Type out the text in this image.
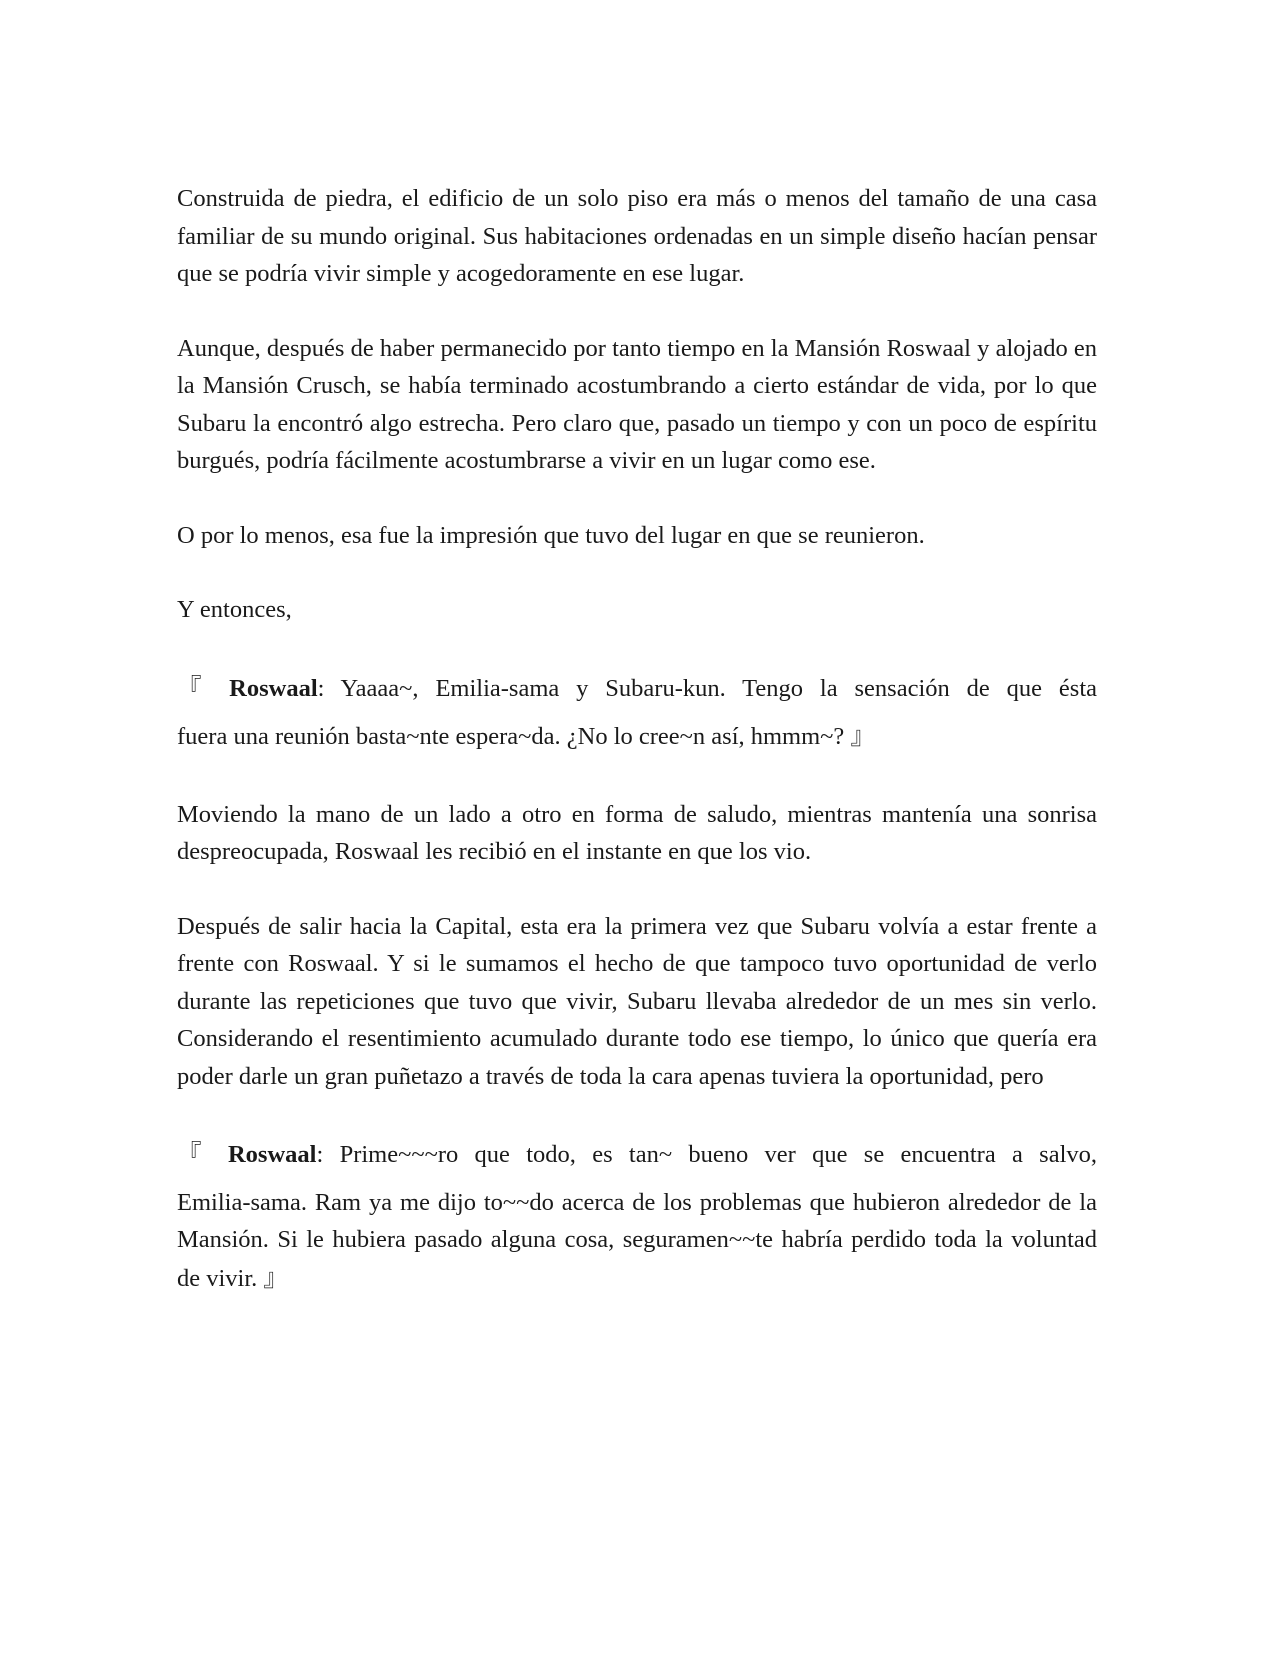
Construida de piedra, el edificio de un solo piso era más o menos del tamaño de una casa familiar de su mundo original. Sus habitaciones ordenadas en un simple diseño hacían pensar que se podría vivir simple y acogedoramente en ese lugar.

Aunque, después de haber permanecido por tanto tiempo en la Mansión Roswaal y alojado en la Mansión Crusch, se había terminado acostumbrando a cierto estándar de vida, por lo que Subaru la encontró algo estrecha. Pero claro que, pasado un tiempo y con un poco de espíritu burgués, podría fácilmente acostumbrarse a vivir en un lugar como ese.

O por lo menos, esa fue la impresión que tuvo del lugar en que se reunieron.

Y entonces,

『 Roswaal: Yaaaa~, Emilia-sama y Subaru-kun. Tengo la sensación de que ésta
fuera una reunión basta~nte espera~da. ¿No lo cree~n así, hmmm~? 』

Moviendo la mano de un lado a otro en forma de saludo, mientras mantenía una sonrisa despreocupada, Roswaal les recibió en el instante en que los vio.

Después de salir hacia la Capital, esta era la primera vez que Subaru volvía a estar frente a frente con Roswaal. Y si le sumamos el hecho de que tampoco tuvo oportunidad de verlo durante las repeticiones que tuvo que vivir, Subaru llevaba alrededor de un mes sin verlo. Considerando el resentimiento acumulado durante todo ese tiempo, lo único que quería era poder darle un gran puñetazo a través de toda la cara apenas tuviera la oportunidad, pero

『 Roswaal: Prime~~~ro que todo, es tan~ bueno ver que se encuentra a salvo,
Emilia-sama. Ram ya me dijo to~~do acerca de los problemas que hubieron alrededor de la Mansión. Si le hubiera pasado alguna cosa, seguramen~~te habría perdido toda la voluntad de vivir. 』
